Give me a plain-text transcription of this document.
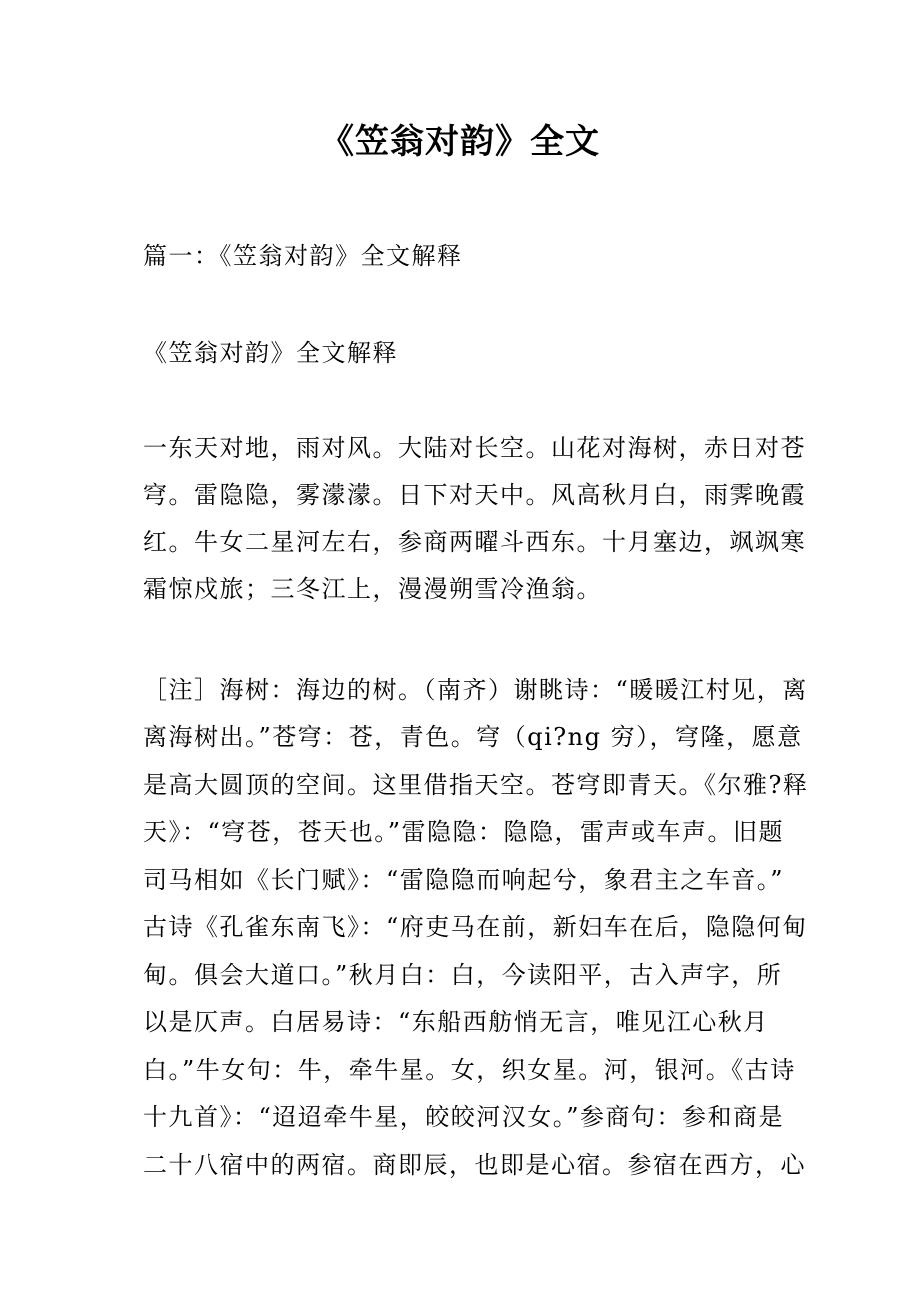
《笠翁对韵》全文

篇一：《笠翁对韵》全文解释

《笠翁对韵》全文解释

一东天对地，雨对风。大陆对长空。山花对海树，赤日对苍

穹。雷隐隐，雾濛濛。日下对天中。风高秋月白，雨霁晚霞

红。牛女二星河左右，参商两曜斗西东。十月塞边，飒飒寒

霜惊戍旅；三冬江上，漫漫朔雪冷渔翁。

［注］海树：海边的树。（南齐）谢眺诗：“暖暖江村见，离

离海树出。”苍穹：苍，青色。穹（qi?ng 穷），穹隆，愿意

是高大圆顶的空间。这里借指天空。苍穹即青天。《尔雅?释

天》：“穹苍，苍天也。”雷隐隐：隐隐，雷声或车声。旧题

司马相如《长门赋》：“雷隐隐而响起兮，象君主之车音。”

古诗《孔雀东南飞》：“府吏马在前，新妇车在后，隐隐何甸

甸。俱会大道口。”秋月白：白，今读阳平，古入声字，所

以是仄声。白居易诗：“东船西舫悄无言，唯见江心秋月

白。”牛女句：牛，牵牛星。女，织女星。河，银河。《古诗

十九首》：“迢迢牵牛星，皎皎河汉女。”参商句：参和商是

二十八宿中的两宿。商即辰，也即是心宿。参宿在西方，心
